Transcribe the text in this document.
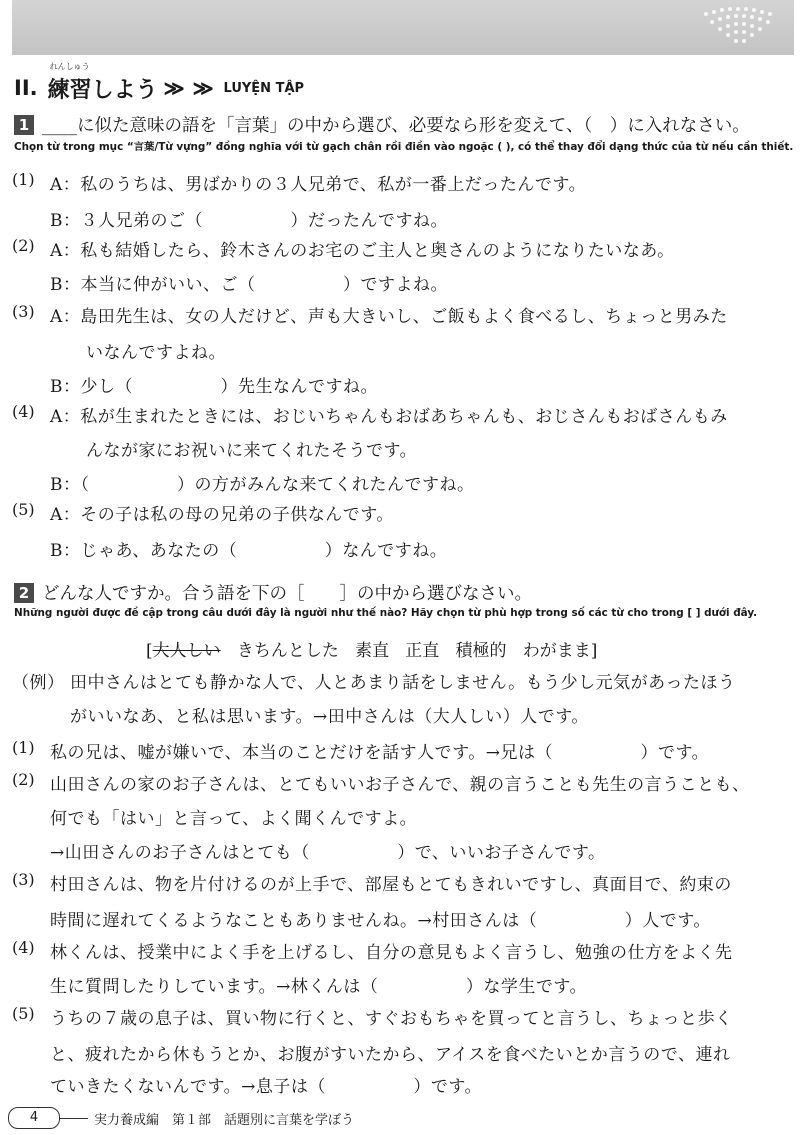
II.
れんしゅう
練習しよう ≫ ≫ LUYỆN TẬP
1 ____に似た意味の語を「言葉」の中から選び、必要なら形を変えて、（　）に入れなさい。
Chọn từ trong mục “言葉/Từ vựng” đồng nghĩa với từ gạch chân rồi điền vào ngoặc ( ), có thể thay đổi dạng thức của từ nếu cần thiết.
(1) A：私のうちは、男ばかりの３人兄弟で、私が一番上だったんです。
B：３人兄弟のご（　　　　　）だったんですね。
(2) A：私も結婚したら、鈴木さんのお宅のご主人と奥さんのようになりたいなあ。
B：本当に仲がいい、ご（　　　　　）ですよね。
(3) A：島田先生は、女の人だけど、声も大きいし、ご飯もよく食べるし、ちょっと男みた
いなんですよね。
B：少し（　　　　　）先生なんですね。
(4) A：私が生まれたときには、おじいちゃんもおばあちゃんも、おじさんもおばさんもみ
んなが家にお祝いに来てくれたそうです。
B：（　　　　　）の方がみんな来てくれたんですね。
(5) A：その子は私の母の兄弟の子供なんです。
B：じゃあ、あなたの（　　　　　）なんですね。
2 どんな人ですか。合う語を下の［　　］の中から選びなさい。
Những người được đề cập trong câu dưới đây là người như thế nào? Hãy chọn từ phù hợp trong số các từ cho trong [ ] dưới đây.
[大人しい きちんとした 素直 正直 積極的 わがまま]
（例） 田中さんはとても静かな人で、人とあまり話をしません。もう少し元気があったほう
がいいなあ、と私は思います。→田中さんは（大人しい）人です。
(1) 私の兄は、嘘が嫌いで、本当のことだけを話す人です。→兄は（　　　　　）です。
(2) 山田さんの家のお子さんは、とてもいいお子さんで、親の言うことも先生の言うことも、
何でも「はい」と言って、よく聞くんですよ。
→山田さんのお子さんはとても（　　　　　）で、いいお子さんです。
(3) 村田さんは、物を片付けるのが上手で、部屋もとてもきれいですし、真面目で、約束の
時間に遅れてくるようなこともありませんね。→村田さんは（　　　　　）人です。
(4) 林くんは、授業中によく手を上げるし、自分の意見もよく言うし、勉強の仕方をよく先
生に質問したりしています。→林くんは（　　　　　）な学生です。
(5) うちの７歳の息子は、買い物に行くと、すぐおもちゃを買ってと言うし、ちょっと歩く
と、疲れたから休もうとか、お腹がすいたから、アイスを食べたいとか言うので、連れ
ていきたくないんです。→息子は（　　　　　）です。
4	実力養成編　第１部　話題別に言葉を学ぼう
